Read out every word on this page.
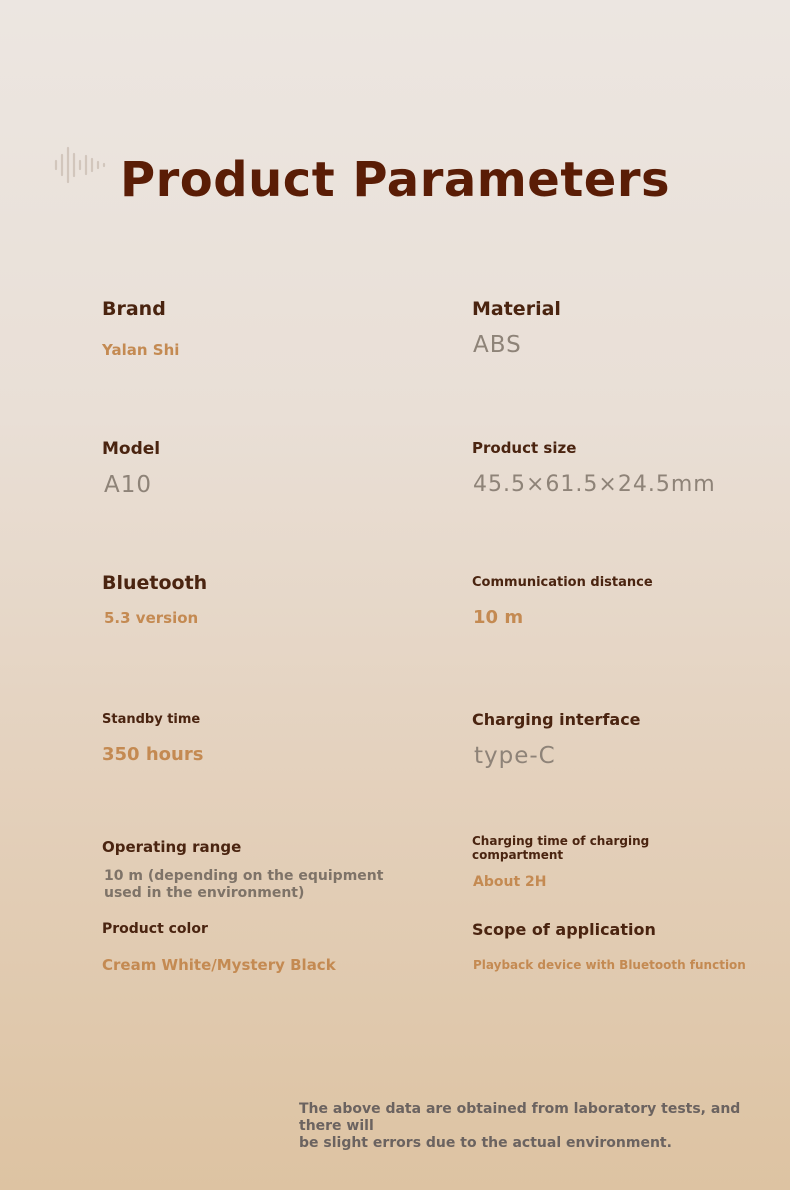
Product Parameters
Brand
Yalan Shi
Material
ABS
Model
A10
Product size
45.5×61.5×24.5mm
Bluetooth
5.3 version
Communication distance
10 m
Standby time
350 hours
Charging interface
type-C
Operating range
10 m (depending on the equipment
used in the environment)
Charging time of charging
compartment
About 2H
Product color
Cream White/Mystery Black
Scope of application
Playback device with Bluetooth function
The above data are obtained from laboratory tests, and there will
be slight errors due to the actual environment.
